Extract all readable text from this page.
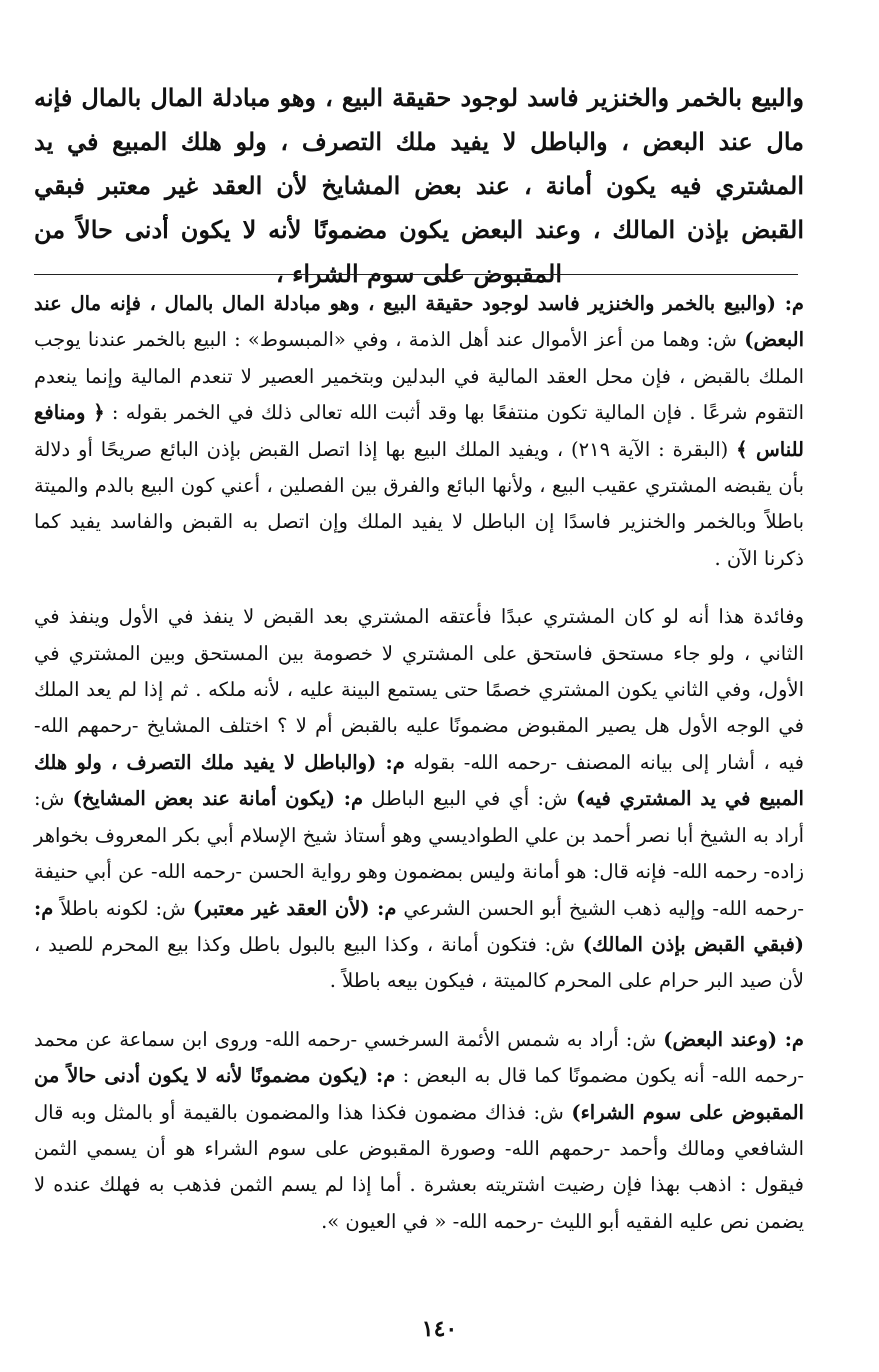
والبيع بالخمر والخنزير فاسد لوجود حقيقة البيع ، وهو مبادلة المال بالمال فإنه مال عند البعض ، والباطل لا يفيد ملك التصرف ، ولو هلك المبيع في يد المشتري فيه يكون أمانة ، عند بعض المشايخ لأن العقد غير معتبر فبقي القبض بإذن المالك ، وعند البعض يكون مضمونًا لأنه لا يكون أدنى حالاً من المقبوض على سوم الشراء ،

م: (والبيع بالخمر والخنزير فاسد لوجود حقيقة البيع ، وهو مبادلة المال بالمال ، فإنه مال عند البعض) ش: وهما من أعز الأموال عند أهل الذمة ، وفي «المبسوط» : البيع بالخمر عندنا يوجب الملك بالقبض ، فإن محل العقد المالية في البدلين وبتخمير العصير لا تنعدم المالية وإنما ينعدم التقوم شرعًا . فإن المالية تكون منتفعًا بها وقد أثبت الله تعالى ذلك في الخمر بقوله : ﴿ ومنافع للناس ﴾ (البقرة : الآية ٢١٩) ، ويفيد الملك البيع بها إذا اتصل القبض بإذن البائع صريحًا أو دلالة بأن يقبضه المشتري عقيب البيع ، ولأنها البائع والفرق بين الفصلين ، أعني كون البيع بالدم والميتة باطلاً وبالخمر والخنزير فاسدًا إن الباطل لا يفيد الملك وإن اتصل به القبض والفاسد يفيد كما ذكرنا الآن .

وفائدة هذا أنه لو كان المشتري عبدًا فأعتقه المشتري بعد القبض لا ينفذ في الأول وينفذ في الثاني ، ولو جاء مستحق فاستحق على المشتري لا خصومة بين المستحق وبين المشتري في الأول، وفي الثاني يكون المشتري خصمًا حتى يستمع البينة عليه ، لأنه ملكه . ثم إذا لم يعد الملك في الوجه الأول هل يصير المقبوض مضمونًا عليه بالقبض أم لا ؟ اختلف المشايخ -رحمهم الله- فيه ، أشار إلى بيانه المصنف -رحمه الله- بقوله م: (والباطل لا يفيد ملك التصرف ، ولو هلك المبيع في يد المشتري فيه) ش: أي في البيع الباطل م: (يكون أمانة عند بعض المشايخ) ش: أراد به الشيخ أبا نصر أحمد بن علي الطواديسي وهو أستاذ شيخ الإسلام أبي بكر المعروف بخواهر زاده- رحمه الله- فإنه قال: هو أمانة وليس بمضمون وهو رواية الحسن -رحمه الله- عن أبي حنيفة -رحمه الله- وإليه ذهب الشيخ أبو الحسن الشرعي م: (لأن العقد غير معتبر) ش: لكونه باطلاً م: (فبقي القبض بإذن المالك) ش: فتكون أمانة ، وكذا البيع بالبول باطل وكذا بيع المحرم للصيد ، لأن صيد البر حرام على المحرم كالميتة ، فيكون بيعه باطلاً .

م: (وعند البعض) ش: أراد به شمس الأئمة السرخسي -رحمه الله- وروى ابن سماعة عن محمد -رحمه الله- أنه يكون مضمونًا كما قال به البعض : م: (يكون مضمونًا لأنه لا يكون أدنى حالاً من المقبوض على سوم الشراء) ش: فذاك مضمون فكذا هذا والمضمون بالقيمة أو بالمثل وبه قال الشافعي ومالك وأحمد -رحمهم الله- وصورة المقبوض على سوم الشراء هو أن يسمي الثمن فيقول : اذهب بهذا فإن رضيت اشتريته بعشرة . أما إذا لم يسم الثمن فذهب به فهلك عنده لا يضمن نص عليه الفقيه أبو الليث -رحمه الله- « في العيون ».

١٤٠
